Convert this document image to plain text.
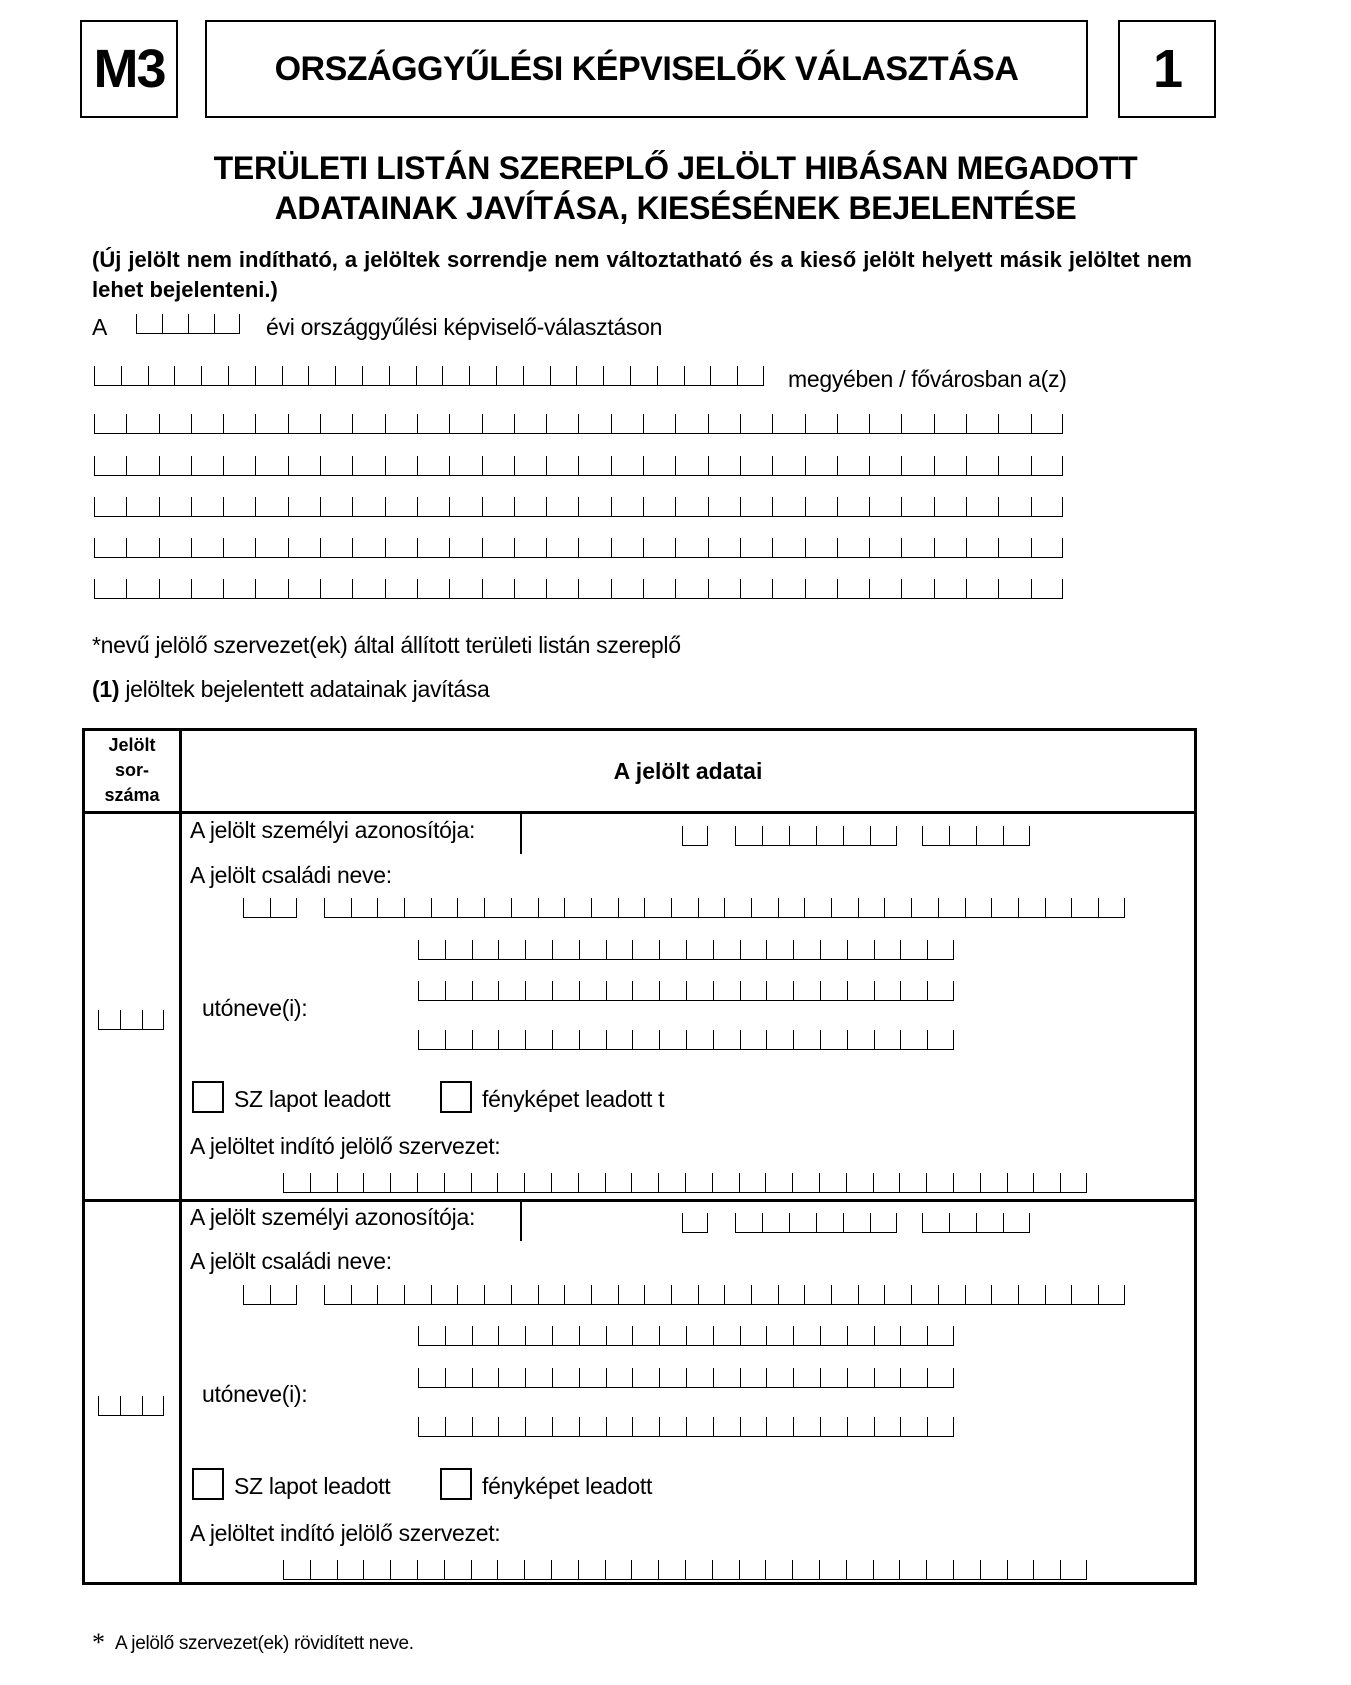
M3	ORSZÁGGYŰLÉSI KÉPVISELŐK VÁLASZTÁSA 1
TERÜLETI LISTÁN SZEREPLŐ JELÖLT HIBÁSAN MEGADOTT
ADATAINAK JAVÍTÁSA, KIESÉSÉNEK BEJELENTÉSE
(Új jelölt nem indítható, a jelöltek sorrendje nem változtatható és a kieső jelölt helyett másik jelöltet nem lehet bejelenteni.)
A	évi országgyűlési képviselő-választáson
megyében / fővárosban a(z)
*nevű jelölő szervezet(ek) által állított területi listán szereplő
(1) jelöltek bejelentett adatainak javítása
Jelölt
sor-
száma
A jelölt adatai
A jelölt személyi azonosítója:
A jelölt családi neve:
utóneve(i):
SZ lapot leadott	fényképet leadott t
A jelöltet indító jelölő szervezet:
A jelölt személyi azonosítója:
A jelölt családi neve:
utóneve(i):
SZ lapot leadott	fényképet leadott
A jelöltet indító jelölő szervezet:
* A jelölő szervezet(ek) rövidített neve.
